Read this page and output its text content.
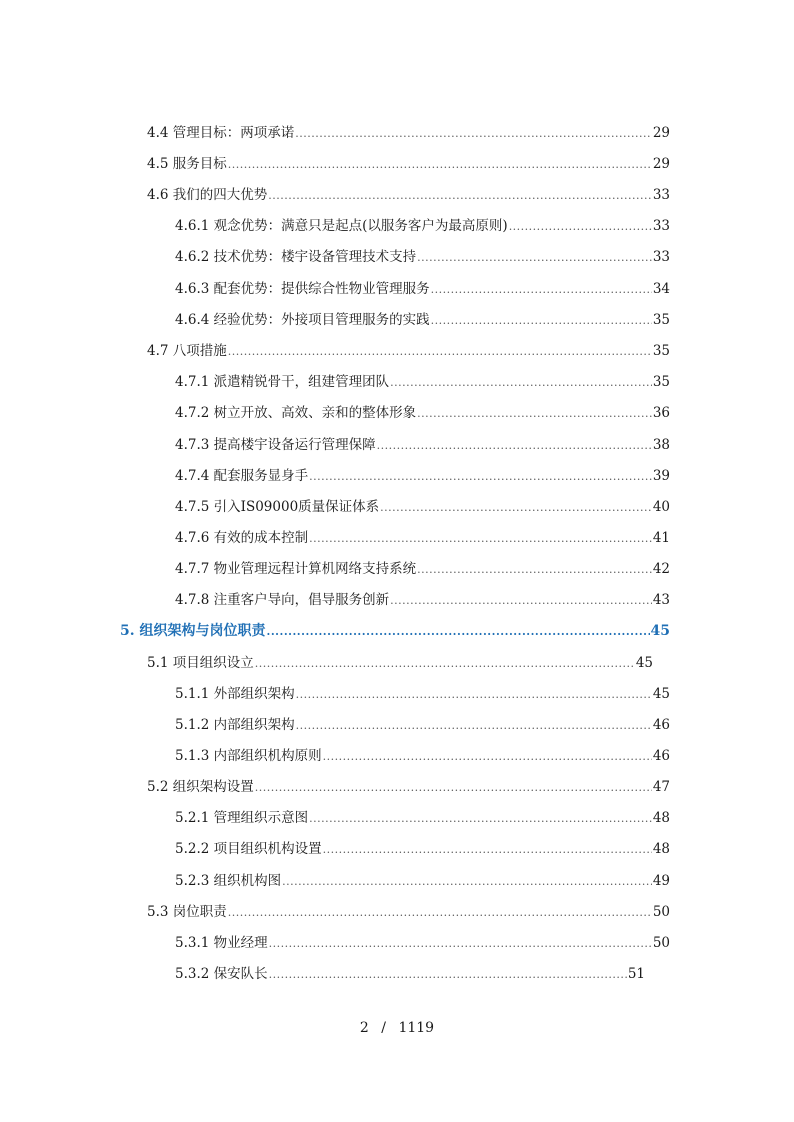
4.4 管理目标：两项承诺 .....	29
4.5 服务目标 .....	29
4.6 我们的四大优势 .....	33
4.6.1 观念优势：满意只是起点(以服务客户为最高原则) .....	33
4.6.2 技术优势：楼宇设备管理技术支持 .....	33
4.6.3 配套优势：提供综合性物业管理服务 .....	34
4.6.4 经验优势：外接项目管理服务的实践 .....	35
4.7 八项措施 .....	35
4.7.1 派遣精锐骨干，组建管理团队 .....	35
4.7.2 树立开放、高效、亲和的整体形象 .....	36
4.7.3 提高楼宇设备运行管理保障 .....	38
4.7.4 配套服务显身手 .....	39
4.7.5 引入IS09000质量保证体系 .....	40
4.7.6 有效的成本控制 .....	41
4.7.7 物业管理远程计算机网络支持系统 .....	42
4.7.8 注重客户导向，倡导服务创新 .....	43
5. 组织架构与岗位职责 .....	45
5.1 项目组织设立 .....	45
5.1.1 外部组织架构 .....	45
5.1.2 内部组织架构 .....	46
5.1.3 内部组织机构原则 .....	46
5.2 组织架构设置 .....	47
5.2.1 管理组织示意图 .....	48
5.2.2 项目组织机构设置 .....	48
5.2.3 组织机构图 .....	49
5.3 岗位职责 .....	50
5.3.1 物业经理 .....	50
5.3.2 保安队长 .....	51
2 / 1119
